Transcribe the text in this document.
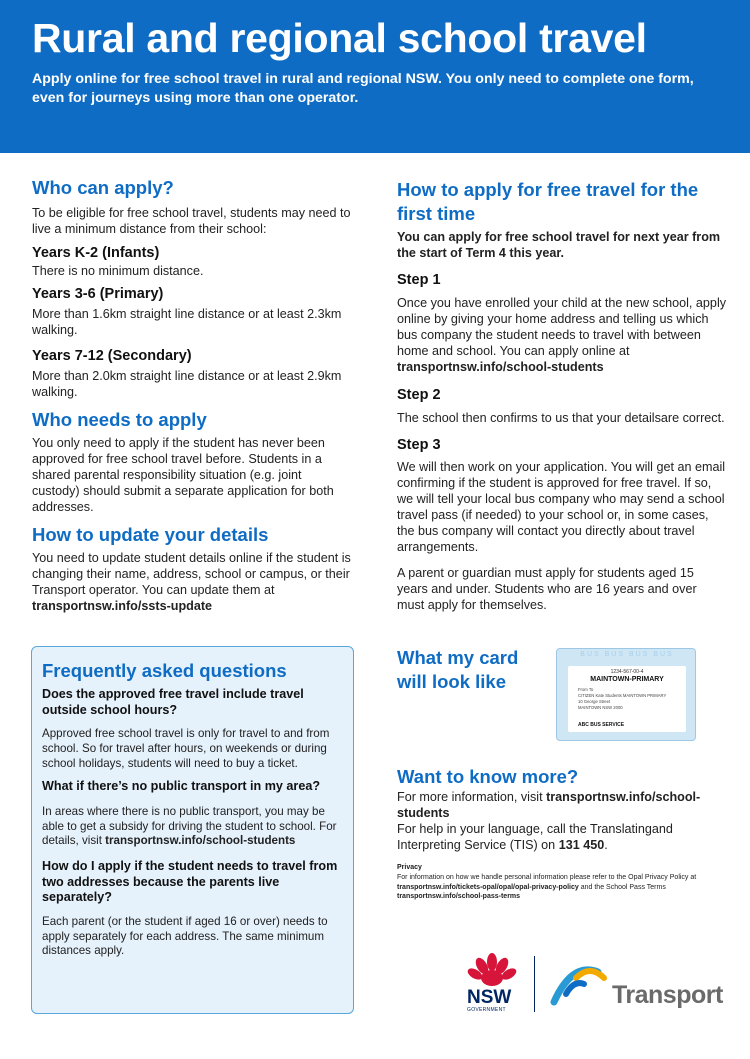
Rural and regional school travel

Apply online for free school travel in rural and regional NSW. You only need to complete one form, even for journeys using more than one operator.

Who can apply?

To be eligible for free school travel, students may need to live a minimum distance from their school:

Years K-2 (Infants)

There is no minimum distance.

Years 3-6 (Primary)

More than 1.6km straight line distance or at least 2.3km walking.

Years 7-12 (Secondary)

More than 2.0km straight line distance or at least 2.9km walking.

Who needs to apply

You only need to apply if the student has never been approved for free school travel before. Students in a shared parental responsibility situation (e.g. joint custody) should submit a separate application for both addresses.

How to update your details

You need to update student details online if the student is changing their name, address, school or campus, or their Transport operator. You can update them at transportnsw.info/ssts-update

Frequently asked questions
Does the approved free travel include travel outside school hours?

Approved free school travel is only for travel to and from school. So for travel after hours, on weekends or during school holidays, students will need to buy a ticket.

What if there’s no public transport in my area?

In areas where there is no public transport, you may be able to get a subsidy for driving the student to school. For details, visit transportnsw.info/school-students

How do I apply if the student needs to travel from two addresses because the parents live separately?

Each parent (or the student if aged 16 or over) needs to apply separately for each address. The same minimum distances apply.

How to apply for free travel for the first time

You can apply for free school travel for next year from the start of Term 4 this year.

Step 1

Once you have enrolled your child at the new school, apply online by giving your home address and telling us which bus company the student needs to travel with between home and school. You can apply online at transportnsw.info/school-students

Step 2

The school then confirms to us that your detailsare correct.

Step 3

We will then work on your application. You will get an email confirming if the student is approved for free travel. If so, we will tell your local bus company who may send a school travel pass (if needed) to your school or, in some cases, the bus company will contact you directly about travel arrangements.

A parent or guardian must apply for students aged 15 years and under. Students who are 16 years and over must apply for themselves.

What my card will look like
BUS BUS BUS BUS
1234-567-00-4
MAINTOWN-PRIMARY
From To
CITIZEN Kate Students MAINTOWN PRIMARY
10 George Street
MAINTOWN NSW 2000
ABC BUS SERVICE
Want to know more?

For more information, visit transportnsw.info/school-students

For help in your language, call the Translatingand Interpreting Service (TIS) on 131 450.

Privacy

For information on how we handle personal information please refer to the Opal Privacy Policy at transportnsw.info/tickets-opal/opal/opal-privacy-policy and the School Pass Terms transportnsw.info/school-pass-terms

NSW
GOVERNMENT
Transport
